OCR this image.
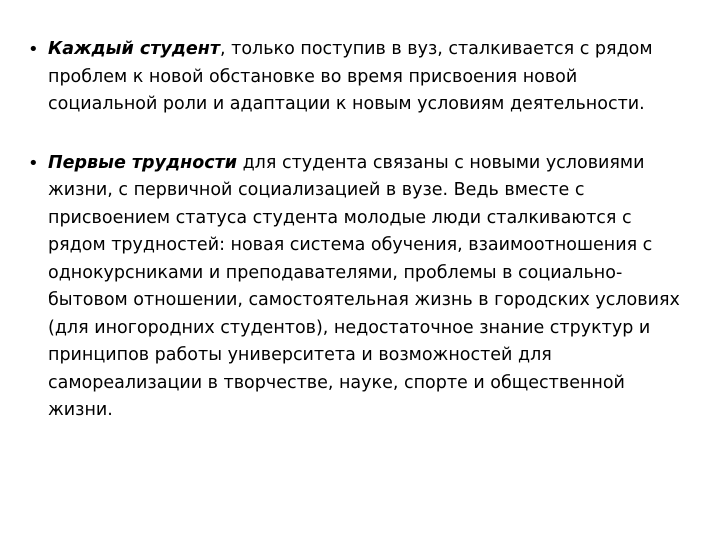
• Каждый студент, только поступив в вуз, сталкивается с рядом проблем к новой обстановке во время присвоения новой социальной роли и адаптации к новым условиям деятельности.
• Первые трудности для студента связаны с новыми условиями жизни, с первичной социализацией в вузе. Ведь вместе с присвоением статуса студента молодые люди сталкиваются с рядом трудностей: новая система обучения, взаимоотношения с однокурсниками и преподавателями, проблемы в социально-бытовом отношении, самостоятельная жизнь в городских условиях (для иногородних студентов), недостаточное знание структур и принципов работы университета и возможностей для самореализации в творчестве, науке, спорте и общественной жизни.
